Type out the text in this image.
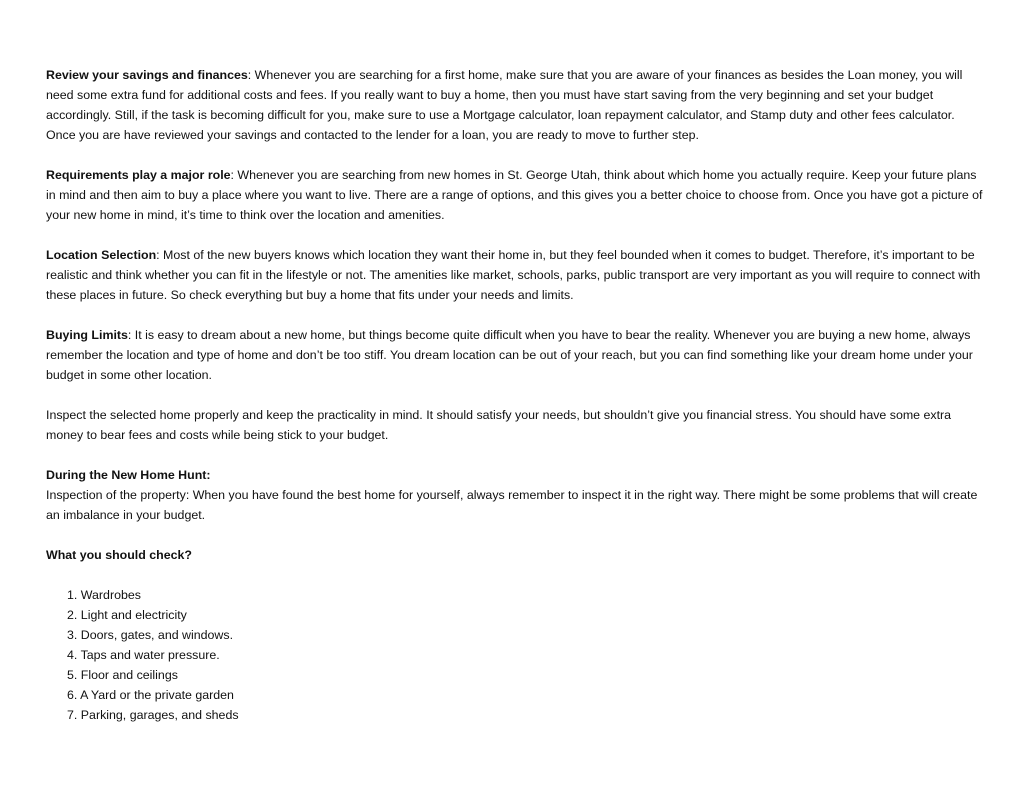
Review your savings and finances: Whenever you are searching for a first home, make sure that you are aware of your finances as besides the Loan money, you will need some extra fund for additional costs and fees. If you really want to buy a home, then you must have start saving from the very beginning and set your budget accordingly. Still, if the task is becoming difficult for you, make sure to use a Mortgage calculator, loan repayment calculator, and Stamp duty and other fees calculator. Once you are have reviewed your savings and contacted to the lender for a loan, you are ready to move to further step.

Requirements play a major role: Whenever you are searching from new homes in St. George Utah, think about which home you actually require. Keep your future plans in mind and then aim to buy a place where you want to live. There are a range of options, and this gives you a better choice to choose from. Once you have got a picture of your new home in mind, it’s time to think over the location and amenities.

Location Selection: Most of the new buyers knows which location they want their home in, but they feel bounded when it comes to budget. Therefore, it’s important to be realistic and think whether you can fit in the lifestyle or not. The amenities like market, schools, parks, public transport are very important as you will require to connect with these places in future. So check everything but buy a home that fits under your needs and limits.

Buying Limits: It is easy to dream about a new home, but things become quite difficult when you have to bear the reality. Whenever you are buying a new home, always remember the location and type of home and don’t be too stiff. You dream location can be out of your reach, but you can find something like your dream home under your budget in some other location.

Inspect the selected home properly and keep the practicality in mind. It should satisfy your needs, but shouldn’t give you financial stress. You should have some extra money to bear fees and costs while being stick to your budget.

During the New Home Hunt:
Inspection of the property: When you have found the best home for yourself, always remember to inspect it in the right way. There might be some problems that will create an imbalance in your budget.

What you should check?

1. Wardrobes
2. Light and electricity
3. Doors, gates, and windows.
4. Taps and water pressure.
5. Floor and ceilings
6. A Yard or the private garden
7. Parking, garages, and sheds
